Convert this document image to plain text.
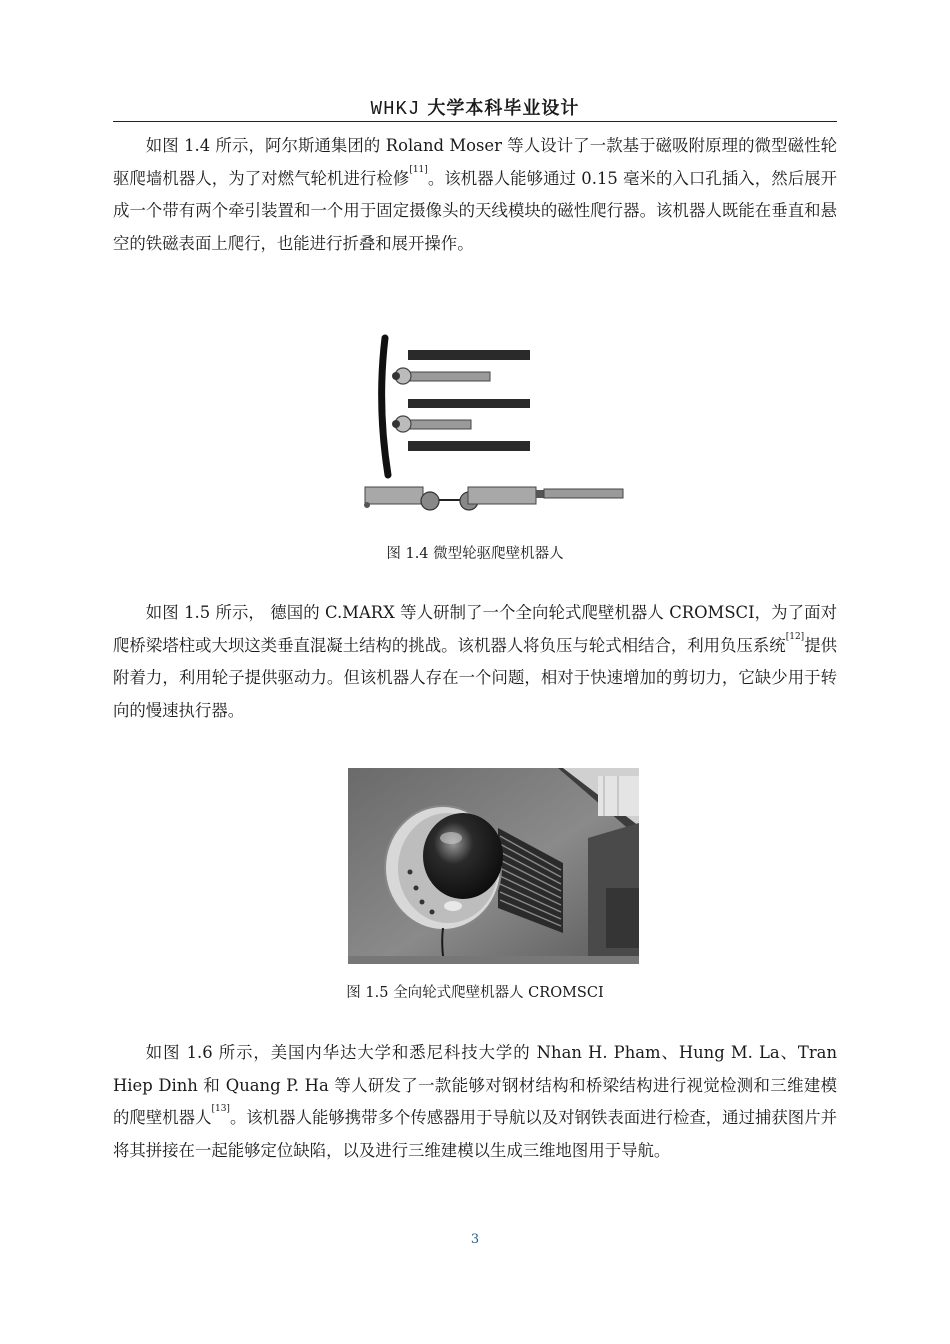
WHKJ 大学本科毕业设计

如图 1.4 所示，阿尔斯通集团的 Roland Moser 等人设计了一款基于磁吸附原理的微型磁性轮驱爬墙机器人，为了对燃气轮机进行检修[11]。该机器人能够通过 0.15 毫米的入口孔插入，然后展开成一个带有两个牵引装置和一个用于固定摄像头的天线模块的磁性爬行器。该机器人既能在垂直和悬空的铁磁表面上爬行，也能进行折叠和展开操作。

图 1.4 微型轮驱爬壁机器人

如图 1.5 所示， 德国的 C.MARX 等人研制了一个全向轮式爬壁机器人 CROMSCI，为了面对爬桥梁塔柱或大坝这类垂直混凝土结构的挑战。该机器人将负压与轮式相结合，利用负压系统[12]提供附着力，利用轮子提供驱动力。但该机器人存在一个问题，相对于快速增加的剪切力，它缺少用于转向的慢速执行器。

图 1.5 全向轮式爬壁机器人 CROMSCI

如图 1.6 所示，美国内华达大学和悉尼科技大学的 Nhan H. Pham、Hung M. La、Tran Hiep Dinh 和 Quang P. Ha 等人研发了一款能够对钢材结构和桥梁结构进行视觉检测和三维建模的爬壁机器人[13]。该机器人能够携带多个传感器用于导航以及对钢铁表面进行检查，通过捕获图片并将其拼接在一起能够定位缺陷，以及进行三维建模以生成三维地图用于导航。

3
